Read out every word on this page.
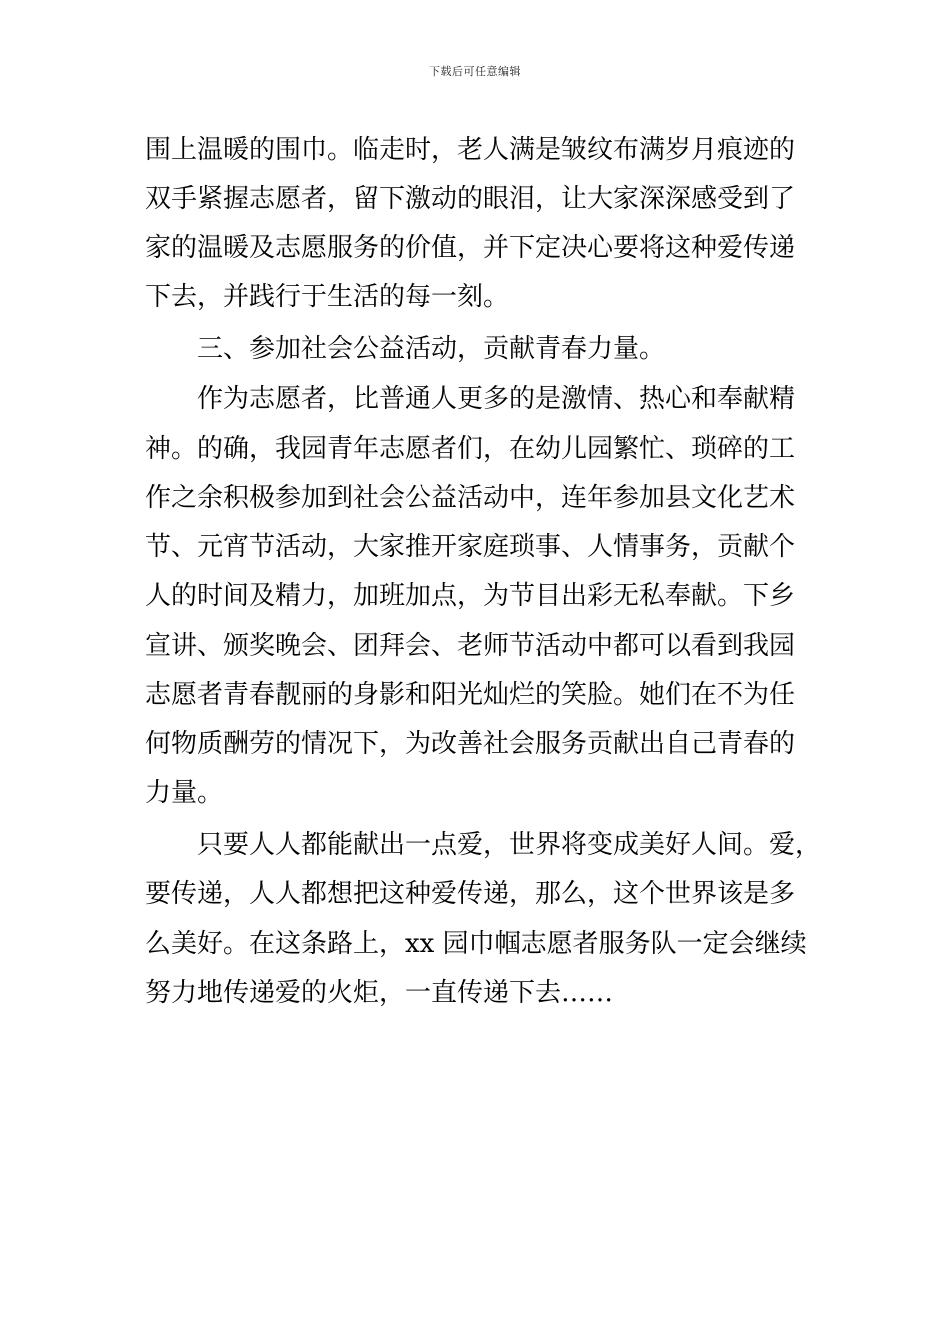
下载后可任意编辑
围上温暖的围巾。临走时，老人满是皱纹布满岁月痕迹的
双手紧握志愿者，留下激动的眼泪，让大家深深感受到了
家的温暖及志愿服务的价值，并下定决心要将这种爱传递
下去，并践行于生活的每一刻。
三、参加社会公益活动，贡献青春力量。
作为志愿者，比普通人更多的是激情、热心和奉献精
神。的确，我园青年志愿者们，在幼儿园繁忙、琐碎的工
作之余积极参加到社会公益活动中，连年参加县文化艺术
节、元宵节活动，大家推开家庭琐事、人情事务，贡献个
人的时间及精力，加班加点，为节目出彩无私奉献。下乡
宣讲、颁奖晚会、团拜会、老师节活动中都可以看到我园
志愿者青春靓丽的身影和阳光灿烂的笑脸。她们在不为任
何物质酬劳的情况下，为改善社会服务贡献出自己青春的
力量。
只要人人都能献出一点爱，世界将变成美好人间。爱，
要传递，人人都想把这种爱传递，那么，这个世界该是多
么美好。在这条路上，xx 园巾帼志愿者服务队一定会继续
努力地传递爱的火炬，一直传递下去……
